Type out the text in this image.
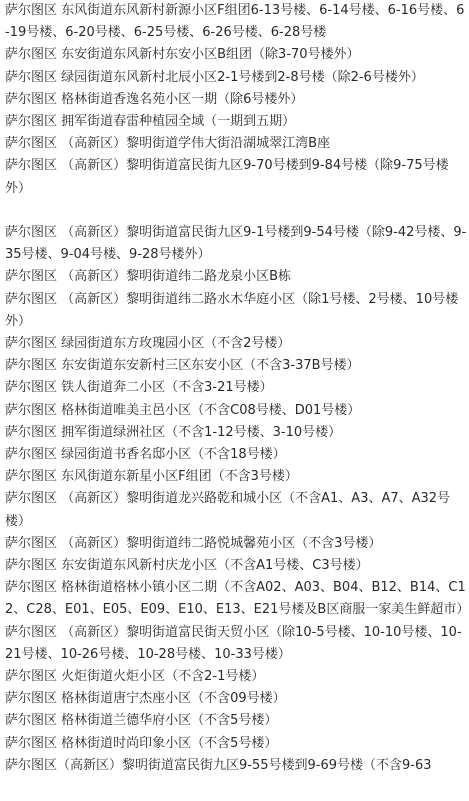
萨尔图区 东风街道东风新村新源小区F组团6-13号楼、6-14号楼、6-16号楼、6-19号楼、6-20号楼、6-25号楼、6-26号楼、6-28号楼

萨尔图区 东安街道东风新村东安小区B组团（除3-70号楼外）

萨尔图区 绿园街道东风新村北辰小区2-1号楼到2-8号楼（除2-6号楼外）

萨尔图区 格林街道香逸名苑小区一期（除6号楼外）

萨尔图区 拥军街道春雷种植园全域（一期到五期）

萨尔图区 （高新区）黎明街道学伟大街沿湖城翠江湾B座

萨尔图区 （高新区）黎明街道富民街九区9-70号楼到9-84号楼（除9-75号楼外）

萨尔图区 （高新区）黎明街道富民街九区9-1号楼到9-54号楼（除9-42号楼、9-35号楼、9-04号楼、9-28号楼外）

萨尔图区 （高新区）黎明街道纬二路龙泉小区B栋

萨尔图区 （高新区）黎明街道纬二路水木华庭小区（除1号楼、2号楼、10号楼外）

萨尔图区 绿园街道东方玫瑰园小区（不含2号楼）

萨尔图区 东安街道东安新村三区东安小区（不含3-37B号楼）

萨尔图区 铁人街道奔二小区（不含3-21号楼）

萨尔图区 格林街道唯美主邑小区（不含C08号楼、D01号楼）

萨尔图区 拥军街道绿洲社区（不含1-12号楼、3-10号楼）

萨尔图区 绿园街道书香名邸小区（不含18号楼）

萨尔图区 东风街道东新星小区F组团（不含3号楼）

萨尔图区 （高新区）黎明街道龙兴路乾和城小区（不含A1、A3、A7、A32号楼）

萨尔图区 （高新区）黎明街道纬二路悦城馨苑小区（不含3号楼）

萨尔图区 东安街道东风新村庆龙小区（不含A1号楼、C3号楼）

萨尔图区 格林街道格林小镇小区二期（不含A02、A03、B04、B12、B14、C12、C28、E01、E05、E09、E10、E13、E21号楼及B区商服一家美生鲜超市）

萨尔图区 （高新区）黎明街道富民街天贸小区（除10-5号楼、10-10号楼、10-21号楼、10-26号楼、10-28号楼、10-33号楼）

萨尔图区 火炬街道火炬小区（不含2-1号楼）

萨尔图区 格林街道唐宁杰座小区（不含09号楼）

萨尔图区 格林街道兰德华府小区（不含5号楼）

萨尔图区 格林街道时尚印象小区（不含5号楼）

萨尔图区（高新区）黎明街道富民街九区9-55号楼到9-69号楼（不含9-63
